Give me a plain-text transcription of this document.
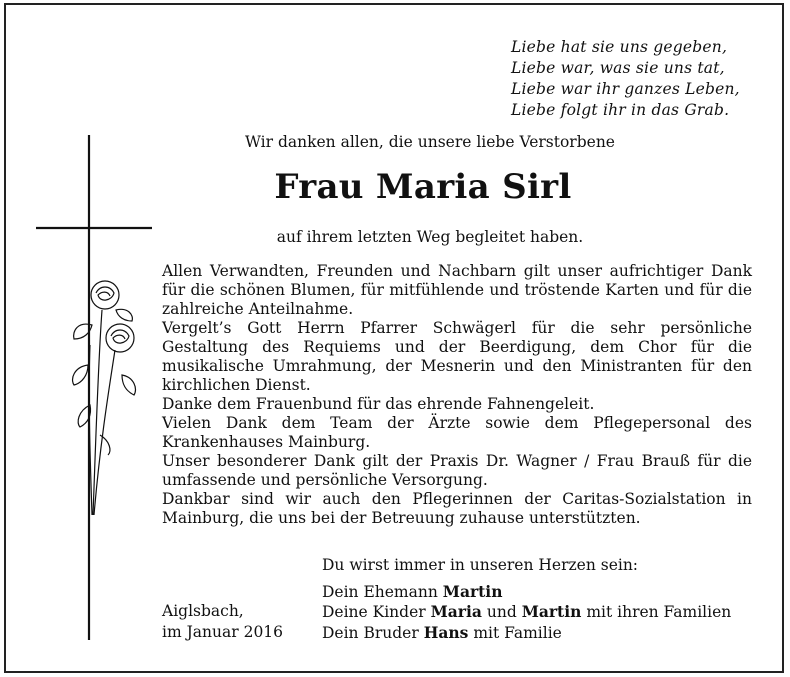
Liebe hat sie uns gegeben,
Liebe war, was sie uns tat,
Liebe war ihr ganzes Leben,
Liebe folgt ihr in das Grab.
Wir danken allen, die unsere liebe Verstorbene
Frau Maria Sirl
auf ihrem letzten Weg begleitet haben.

Allen Verwandten, Freunden und Nachbarn gilt unser aufrichtiger Dank für die schönen Blumen, für mitfühlende und tröstende Karten und für die zahlreiche Anteilnahme.

Vergelt’s Gott Herrn Pfarrer Schwägerl für die sehr persönliche Gestaltung des Requiems und der Beerdigung, dem Chor für die musikalische Umrahmung, der Mesnerin und den Ministranten für den kirchlichen Dienst.

Danke dem Frauenbund für das ehrende Fahnengeleit.

Vielen Dank dem Team der Ärzte sowie dem Pflegepersonal des Krankenhauses Mainburg.

Unser besonderer Dank gilt der Praxis Dr. Wagner / Frau Brauß für die umfassende und persönliche Versorgung.

Dankbar sind wir auch den Pflegerinnen der Caritas-Sozialstation in Mainburg, die uns bei der Betreuung zuhause unterstützten.

Du wirst immer in unseren Herzen sein:
Dein Ehemann Martin
Aiglsbach,	Deine Kinder Maria und Martin mit ihren Familien
im Januar 2016	Dein Bruder Hans mit Familie
